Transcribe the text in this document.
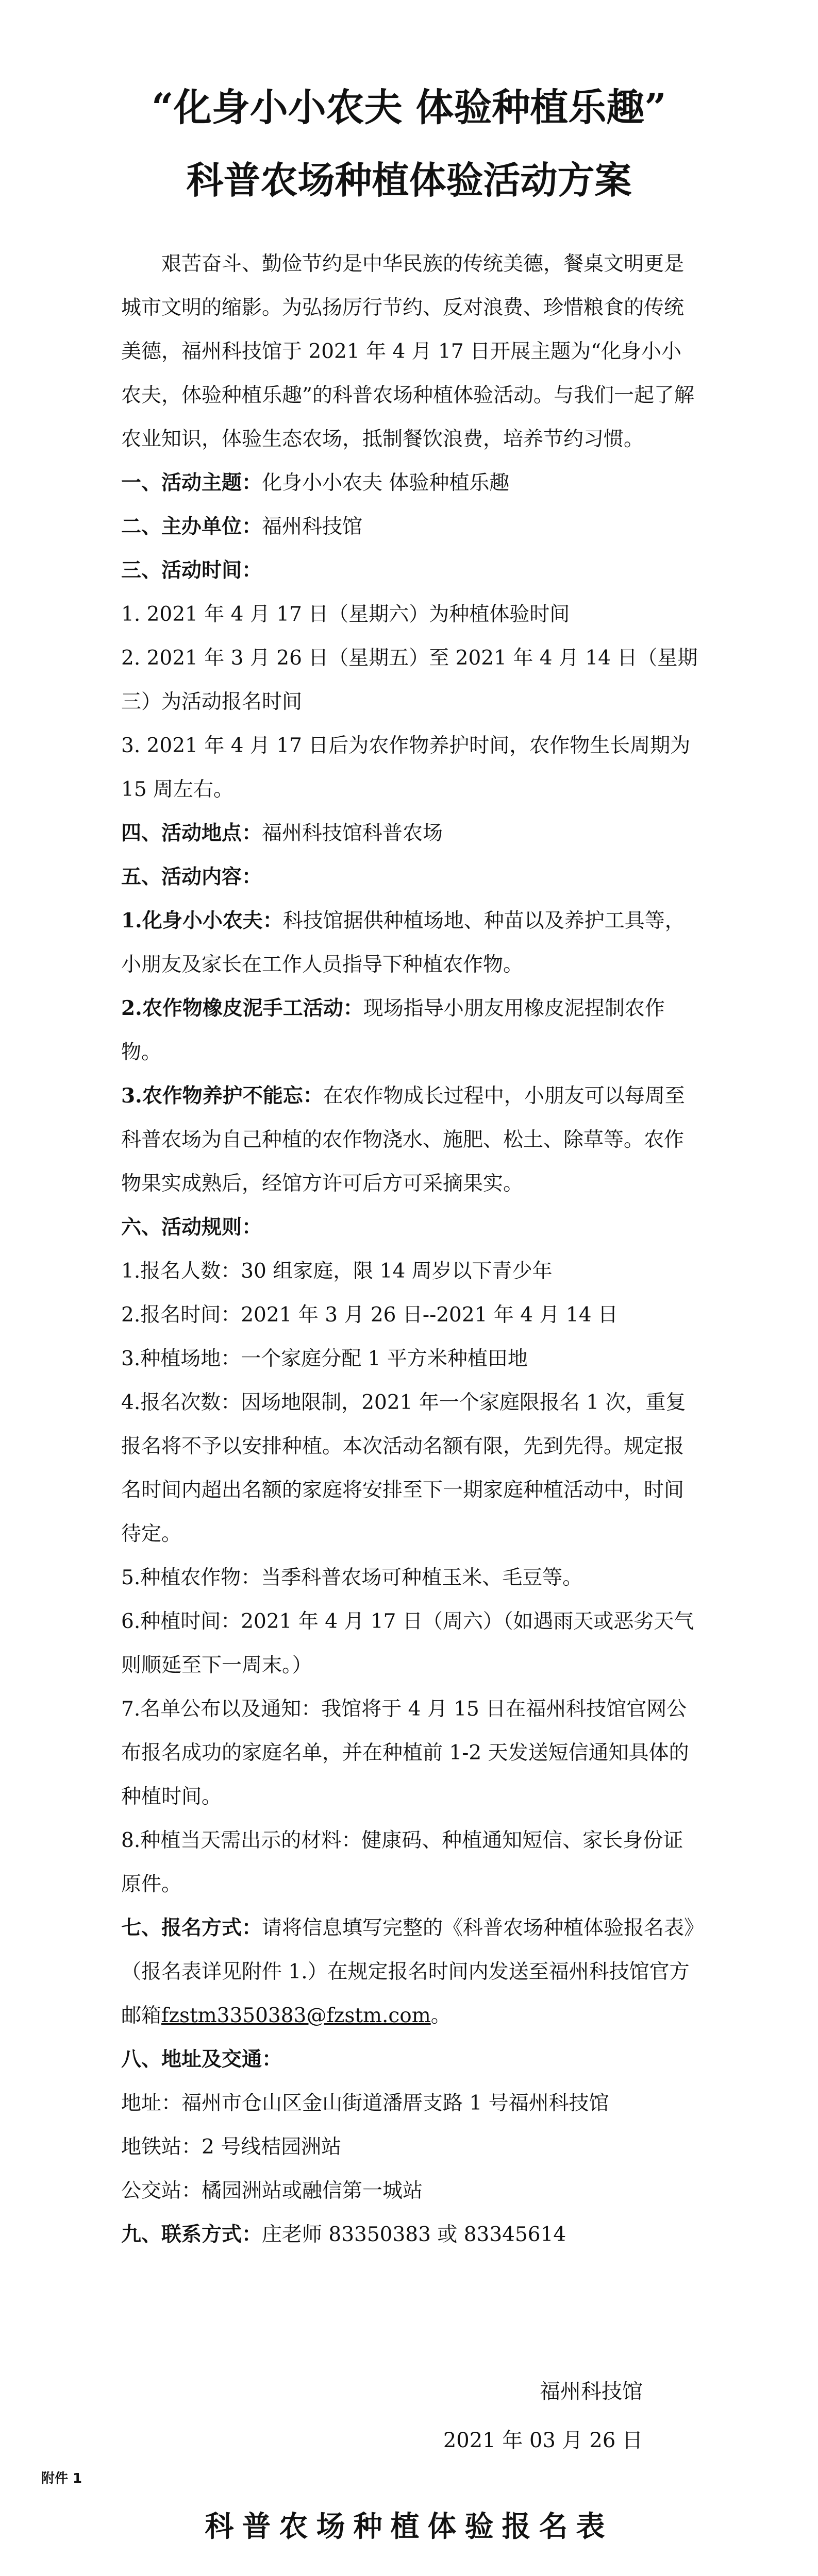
“化身小小农夫 体验种植乐趣”
科普农场种植体验活动方案

艰苦奋斗、勤俭节约是中华民族的传统美德，餐桌文明更是城市文明的缩影。为弘扬厉行节约、反对浪费、珍惜粮食的传统美德，福州科技馆于 2021 年 4 月 17 日开展主题为“化身小小农夫，体验种植乐趣”的科普农场种植体验活动。与我们一起了解农业知识，体验生态农场，抵制餐饮浪费，培养节约习惯。

一、活动主题：化身小小农夫 体验种植乐趣

二、主办单位：福州科技馆

三、活动时间：

1. 2021 年 4 月 17 日（星期六）为种植体验时间

2. 2021 年 3 月 26 日（星期五）至 2021 年 4 月 14 日（星期三）为活动报名时间

3. 2021 年 4 月 17 日后为农作物养护时间，农作物生长周期为 15 周左右。

四、活动地点：福州科技馆科普农场

五、活动内容：

1.化身小小农夫：科技馆据供种植场地、种苗以及养护工具等，小朋友及家长在工作人员指导下种植农作物。

2.农作物橡皮泥手工活动：现场指导小朋友用橡皮泥捏制农作物。

3.农作物养护不能忘：在农作物成长过程中，小朋友可以每周至科普农场为自己种植的农作物浇水、施肥、松土、除草等。农作物果实成熟后，经馆方许可后方可采摘果实。

六、活动规则：

1.报名人数：30 组家庭，限 14 周岁以下青少年

2.报名时间：2021 年 3 月 26 日--2021 年 4 月 14 日

3.种植场地：一个家庭分配 1 平方米种植田地

4.报名次数：因场地限制，2021 年一个家庭限报名 1 次，重复报名将不予以安排种植。本次活动名额有限，先到先得。规定报名时间内超出名额的家庭将安排至下一期家庭种植活动中，时间待定。

5.种植农作物：当季科普农场可种植玉米、毛豆等。

6.种植时间：2021 年 4 月 17 日（周六）（如遇雨天或恶劣天气则顺延至下一周末。）

7.名单公布以及通知：我馆将于 4 月 15 日在福州科技馆官网公布报名成功的家庭名单，并在种植前 1-2 天发送短信通知具体的种植时间。

8.种植当天需出示的材料：健康码、种植通知短信、家长身份证原件。

七、报名方式：请将信息填写完整的《科普农场种植体验报名表》（报名表详见附件 1.）在规定报名时间内发送至福州科技馆官方邮箱fzstm3350383@fzstm.com。

八、地址及交通：

地址：福州市仓山区金山街道潘厝支路 1 号福州科技馆

地铁站：2 号线桔园洲站

公交站：橘园洲站或融信第一城站

九、联系方式：庄老师 83350383 或 83345614

福州科技馆
2021 年 03 月 26 日
附件 1
科普农场种植体验报名表
